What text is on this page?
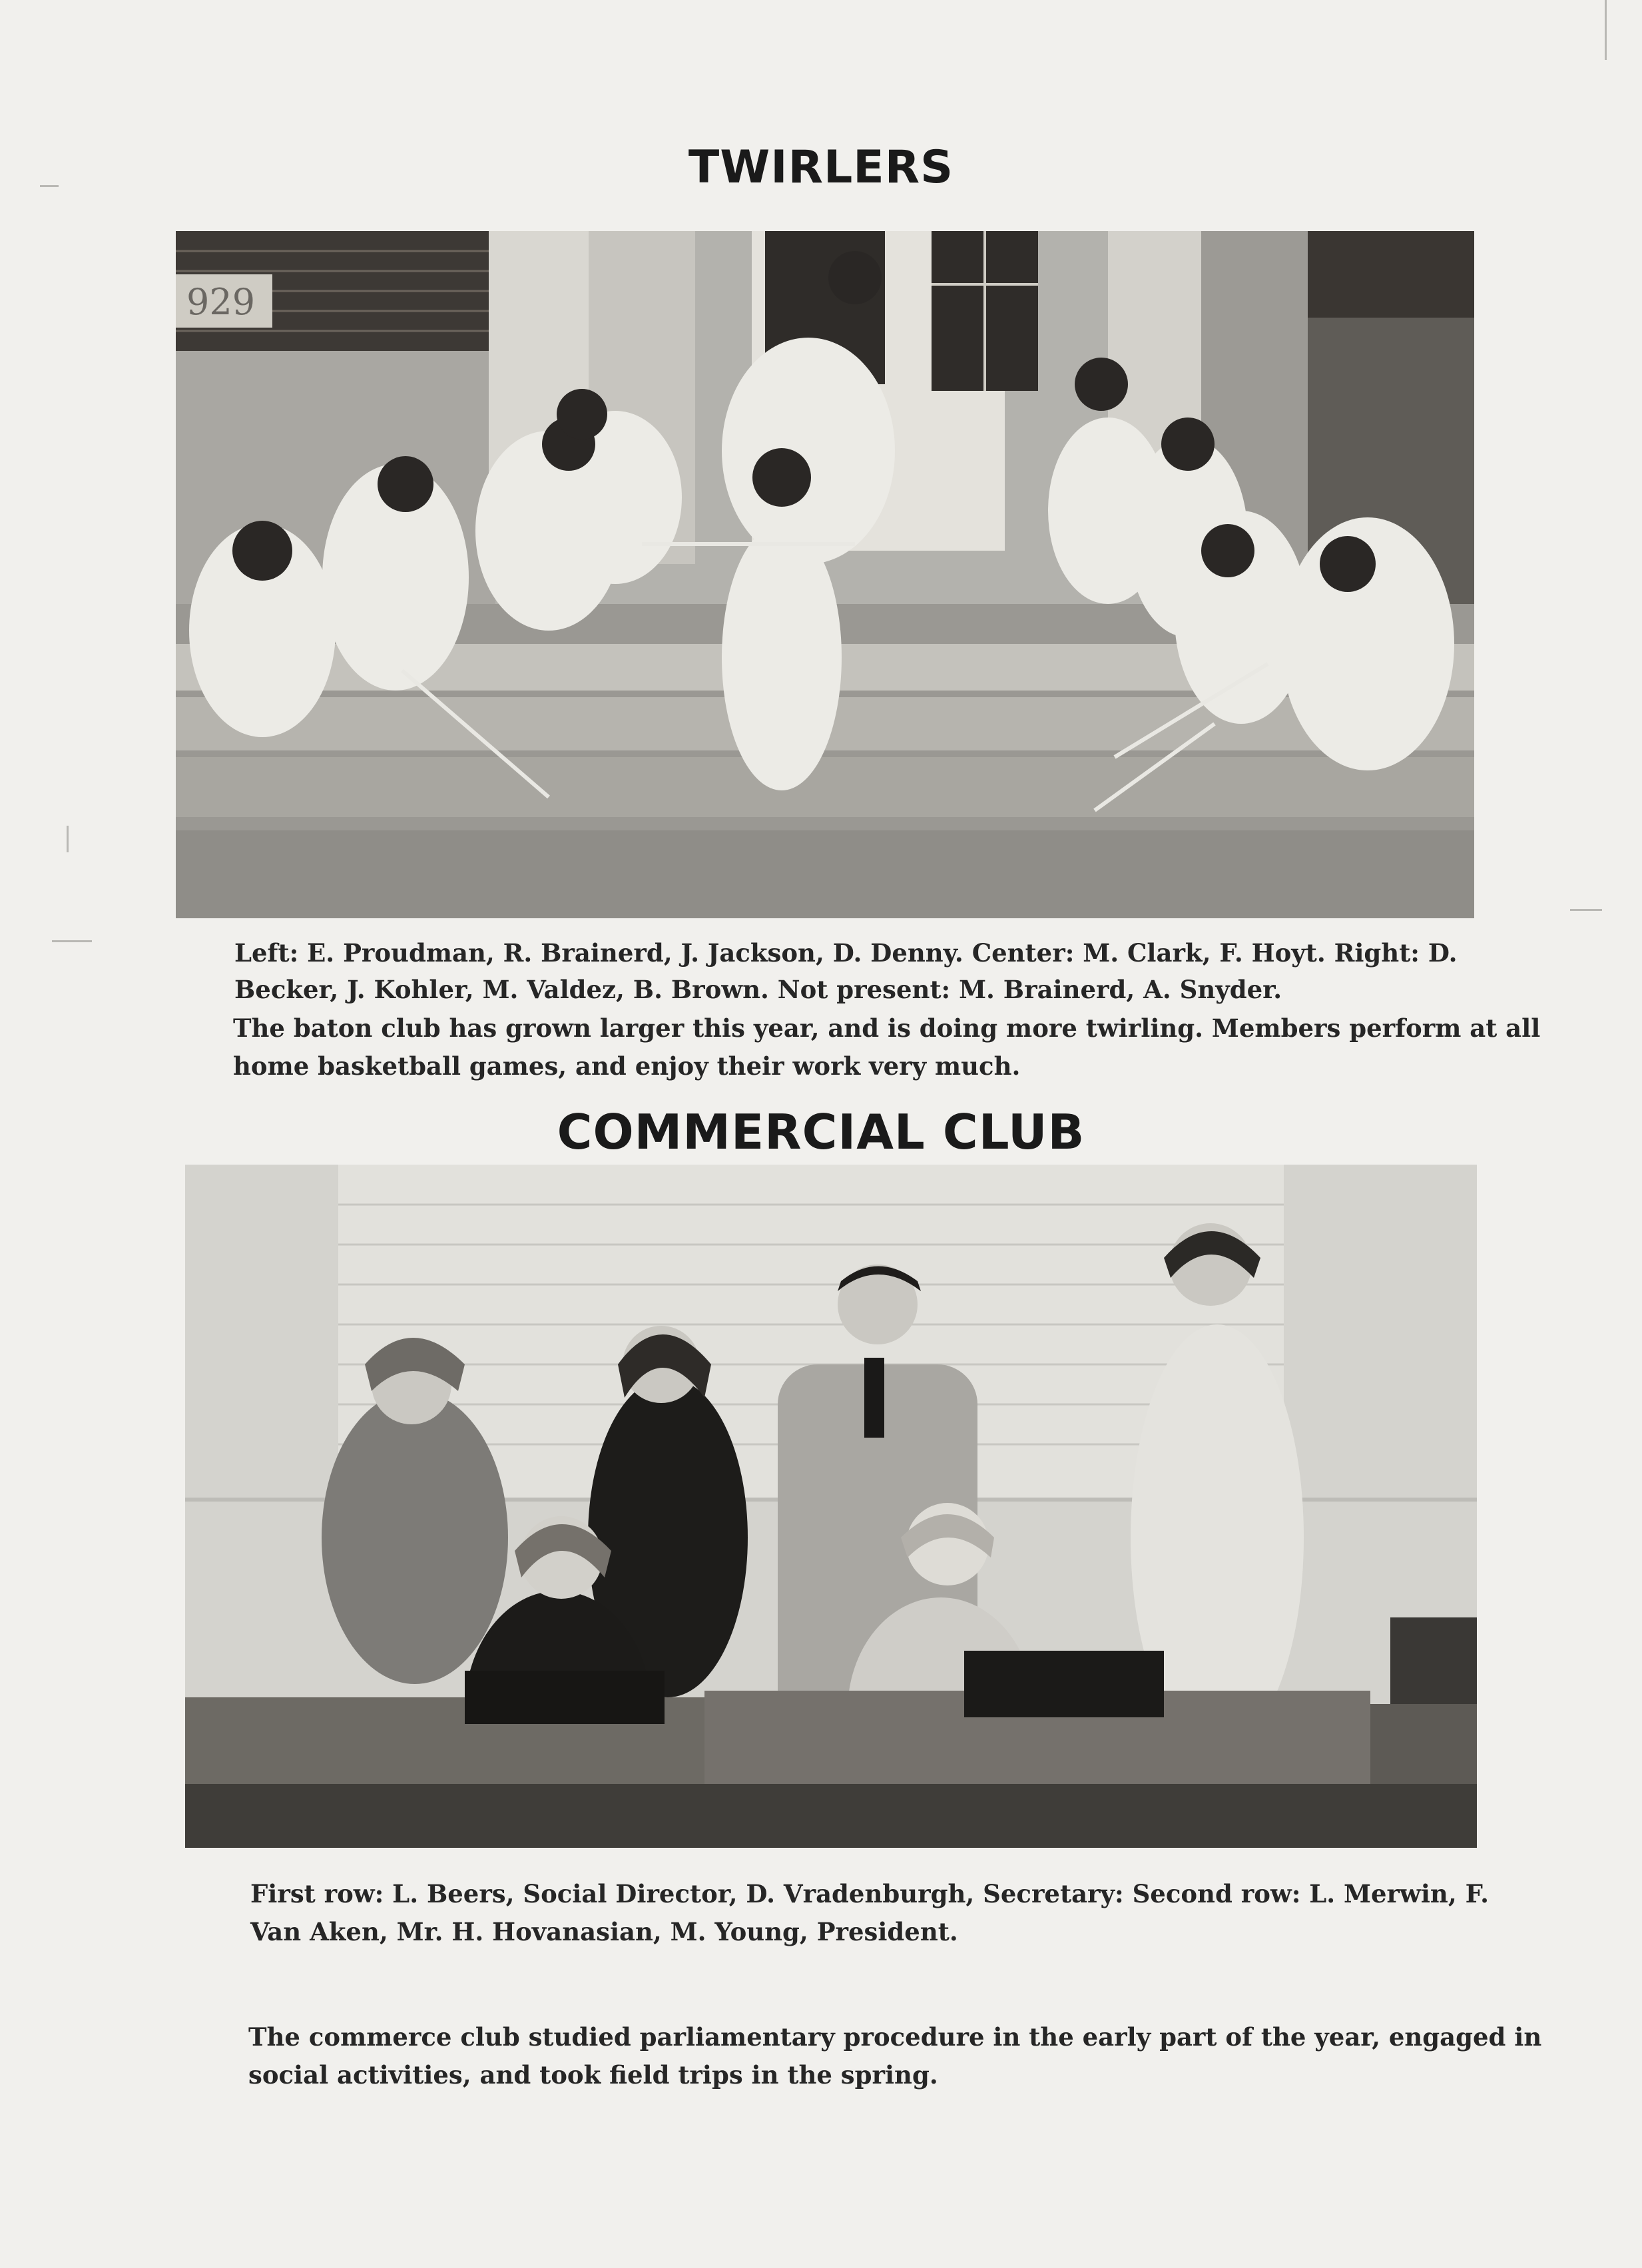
TWIRLERS
929
Left: E. Proudman, R. Brainerd, J. Jackson, D. Denny. Center: M. Clark, F. Hoyt. Right: D.
Becker, J. Kohler, M. Valdez, B. Brown. Not present: M. Brainerd, A. Snyder.
The baton club has grown larger this year, and is doing more twirling. Members perform at all
home basketball games, and enjoy their work very much.
COMMERCIAL CLUB
First row: L. Beers, Social Director, D. Vradenburgh, Secretary: Second row: L. Merwin, F.
Van Aken, Mr. H. Hovanasian, M. Young, President.
The commerce club studied parliamentary procedure in the early part of the year, engaged in
social activities, and took field trips in the spring.
